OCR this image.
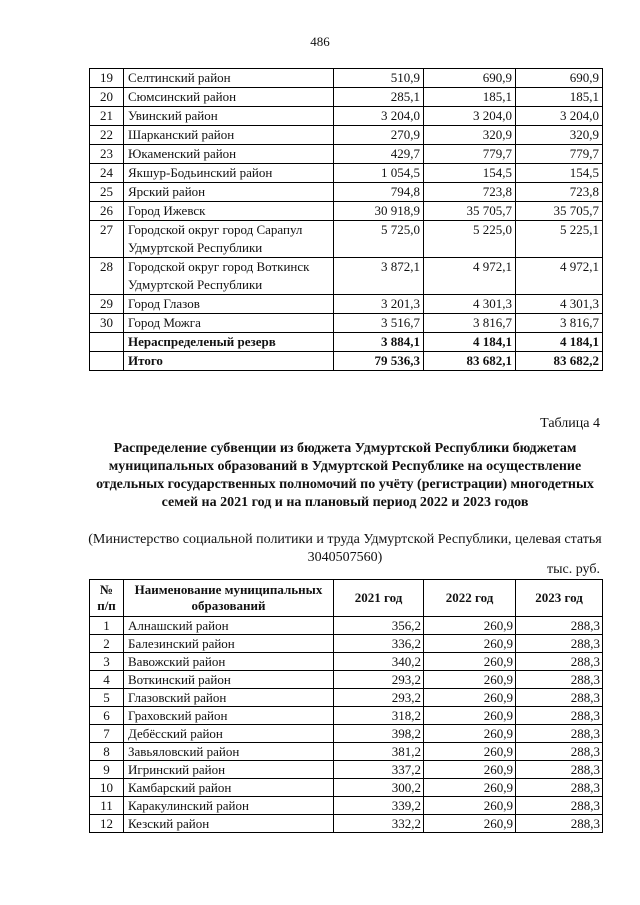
486
19	Селтинский район	510,9	690,9	690,9
20	Сюмсинский район	285,1	185,1	185,1
21	Увинский район	3 204,0	3 204,0	3 204,0
22	Шарканский район	270,9	320,9	320,9
23	Юкаменский район	429,7	779,7	779,7
24	Якшур-Бодьинский район	1 054,5	154,5	154,5
25	Ярский район	794,8	723,8	723,8
26	Город Ижевск	30 918,9	35 705,7	35 705,7
27	Городской округ город Сарапул Удмуртской Республики	5 725,0	5 225,0	5 225,1
28	Городской округ город Воткинск Удмуртской Республики	3 872,1	4 972,1	4 972,1
29	Город Глазов	3 201,3	4 301,3	4 301,3
30	Город Можга	3 516,7	3 816,7	3 816,7
	Нераспределеный резерв	3 884,1	4 184,1	4 184,1
	Итого	79 536,3	83 682,1	83 682,2
Таблица 4
Распределение субвенции из бюджета Удмуртской Республики бюджетам муниципальных образований в Удмуртской Республике на осуществление отдельных государственных полномочий по учёту (регистрации) многодетных семей на 2021 год и на плановый период 2022 и 2023 годов
(Министерство социальной политики и труда Удмуртской Республики, целевая статья 3040507560)
тыс. руб.
№ п/п	Наименование муниципальных образований	2021 год	2022 год	2023 год
1	Алнашский район	356,2	260,9	288,3
2	Балезинский район	336,2	260,9	288,3
3	Вавожский район	340,2	260,9	288,3
4	Воткинский район	293,2	260,9	288,3
5	Глазовский район	293,2	260,9	288,3
6	Граховский район	318,2	260,9	288,3
7	Дебёсский район	398,2	260,9	288,3
8	Завьяловский район	381,2	260,9	288,3
9	Игринский район	337,2	260,9	288,3
10	Камбарский район	300,2	260,9	288,3
11	Каракулинский район	339,2	260,9	288,3
12	Кезский район	332,2	260,9	288,3
